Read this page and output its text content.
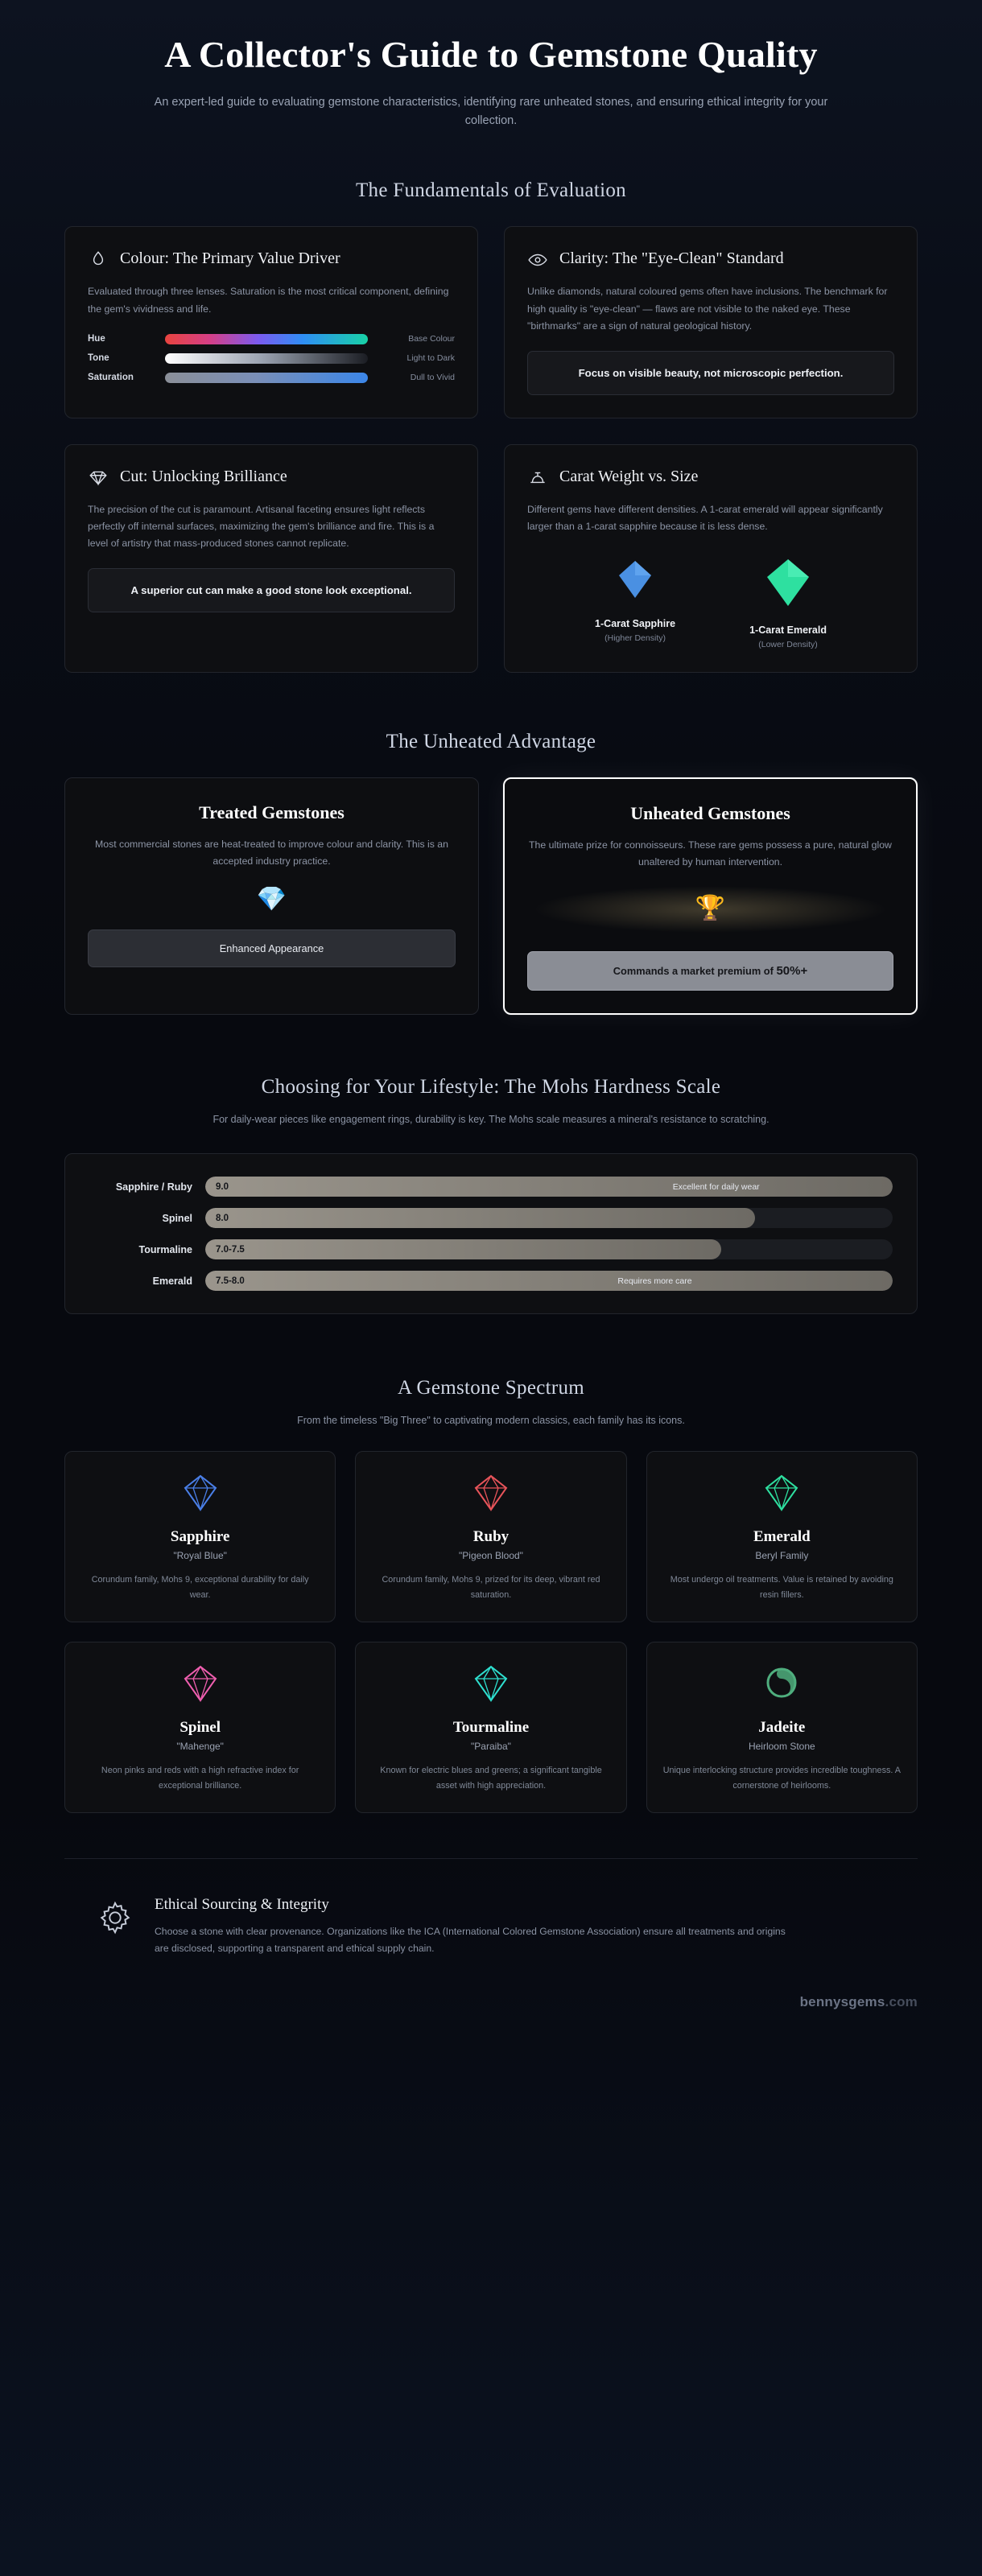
A Collector's Guide to Gemstone Quality

An expert-led guide to evaluating gemstone characteristics, identifying rare unheated stones, and ensuring ethical integrity for your collection.

The Fundamentals of Evaluation
Colour: The Primary Value Driver
Evaluated through three lenses. Saturation is the most critical component, defining the gem's vividness and life.
Hue	Base Colour
Tone	Light to Dark
Saturation	Dull to Vivid
Clarity: The "Eye-Clean" Standard
Unlike diamonds, natural coloured gems often have inclusions. The benchmark for high quality is "eye-clean" — flaws are not visible to the naked eye. These "birthmarks" are a sign of natural geological history.
Focus on visible beauty, not microscopic perfection.
Cut: Unlocking Brilliance
The precision of the cut is paramount. Artisanal faceting ensures light reflects perfectly off internal surfaces, maximizing the gem's brilliance and fire. This is a level of artistry that mass-produced stones cannot replicate.
A superior cut can make a good stone look exceptional.
Carat Weight vs. Size
Different gems have different densities. A 1-carat emerald will appear significantly larger than a 1-carat sapphire because it is less dense.
1-Carat Sapphire
(Higher Density)
1-Carat Emerald
(Lower Density)
The Unheated Advantage
Treated Gemstones

Most commercial stones are heat-treated to improve colour and clarity. This is an accepted industry practice.

💎
Enhanced Appearance
Unheated Gemstones

The ultimate prize for connoisseurs. These rare gems possess a pure, natural glow unaltered by human intervention.

🏆
Commands a market premium of 50%+
Choosing for Your Lifestyle: The Mohs Hardness Scale
For daily-wear pieces like engagement rings, durability is key. The Mohs scale measures a mineral's resistance to scratching.
Sapphire / Ruby	9.0	Excellent for daily wear
Spinel	8.0
Tourmaline	7.0-7.5
Emerald	7.5-8.0	Requires more care
A Gemstone Spectrum
From the timeless "Big Three" to captivating modern classics, each family has its icons.
Sapphire
"Royal Blue"
Corundum family, Mohs 9, exceptional durability for daily wear.
Ruby
"Pigeon Blood"
Corundum family, Mohs 9, prized for its deep, vibrant red saturation.
Emerald
Beryl Family
Most undergo oil treatments. Value is retained by avoiding resin fillers.
Spinel
"Mahenge"
Neon pinks and reds with a high refractive index for exceptional brilliance.
Tourmaline
"Paraiba"
Known for electric blues and greens; a significant tangible asset with high appreciation.
Jadeite
Heirloom Stone
Unique interlocking structure provides incredible toughness. A cornerstone of heirlooms.
Ethical Sourcing & Integrity

Choose a stone with clear provenance. Organizations like the ICA (International Colored Gemstone Association) ensure all treatments and origins are disclosed, supporting a transparent and ethical supply chain.

bennysgems.com
